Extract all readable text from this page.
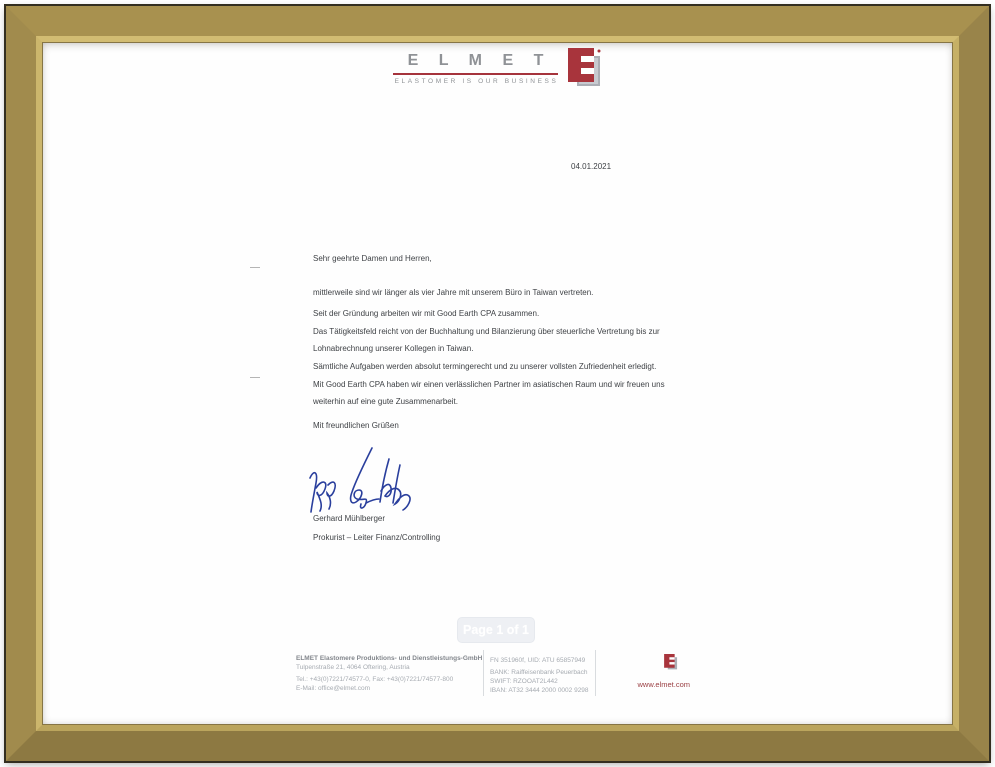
E L M E T
ELASTOMER IS OUR BUSINESS
04.01.2021
Sehr geehrte Damen und Herren,
mittlerweile sind wir länger als vier Jahre mit unserem Büro in Taiwan vertreten.
Seit der Gründung arbeiten wir mit Good Earth CPA zusammen.
Das Tätigkeitsfeld reicht von der Buchhaltung und Bilanzierung über steuerliche Vertretung bis zur
Lohnabrechnung unserer Kollegen in Taiwan.
Sämtliche Aufgaben werden absolut termingerecht und zu unserer vollsten Zufriedenheit erledigt.
Mit Good Earth CPA haben wir einen verlässlichen Partner im asiatischen Raum und wir freuen uns
weiterhin auf eine gute Zusammenarbeit.
Mit freundlichen Grüßen
Gerhard Mühlberger
Prokurist – Leiter Finanz/Controlling
Page 1 of 1
ELMET Elastomere Produktions- und Dienstleistungs-GmbH
Tulpenstraße 21, 4064 Oftering, Austria
Tel.: +43(0)7221/74577-0, Fax: +43(0)7221/74577-800
E-Mail: office@elmet.com
FN 351960f, UID: ATU 65857949
BANK: Raiffeisenbank Peuerbach
SWIFT: RZOOAT2L442
IBAN: AT32 3444 2000 0002 9298
www.elmet.com
